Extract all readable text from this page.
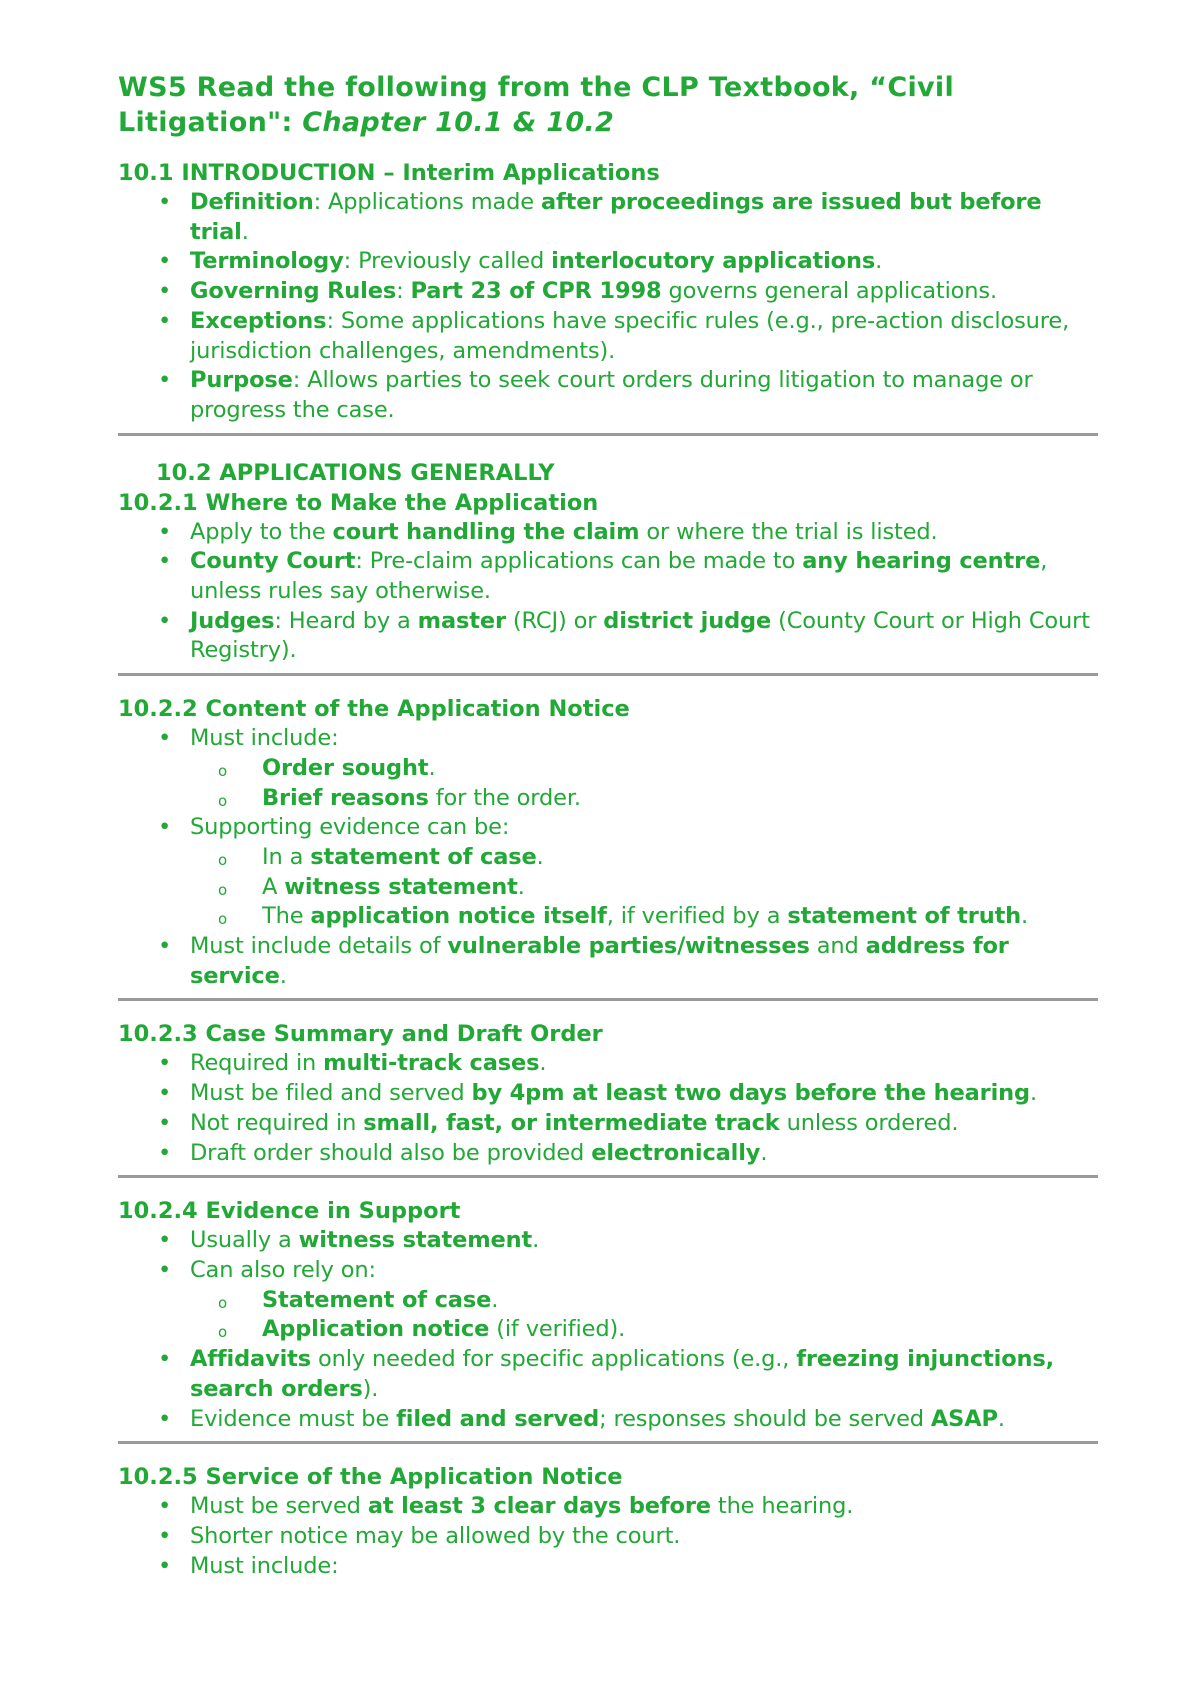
WS5 Read the following from the CLP Textbook, “Civil
Litigation": Chapter 10.1 & 10.2
10.1 INTRODUCTION – Interim Applications
• Definition: Applications made after proceedings are issued but before trial.
• Terminology: Previously called interlocutory applications.
• Governing Rules: Part 23 of CPR 1998 governs general applications.
• Exceptions: Some applications have specific rules (e.g., pre-action disclosure, jurisdiction challenges, amendments).
• Purpose: Allows parties to seek court orders during litigation to manage or progress the case.
10.2 APPLICATIONS GENERALLY
10.2.1 Where to Make the Application
• Apply to the court handling the claim or where the trial is listed.
• County Court: Pre-claim applications can be made to any hearing centre, unless rules say otherwise.
• Judges: Heard by a master (RCJ) or district judge (County Court or High Court Registry).
10.2.2 Content of the Application Notice
• Must include:
o Order sought.
o Brief reasons for the order.
• Supporting evidence can be:
o In a statement of case.
o A witness statement.
o The application notice itself, if verified by a statement of truth.
• Must include details of vulnerable parties/witnesses and address for service.
10.2.3 Case Summary and Draft Order
• Required in multi-track cases.
• Must be filed and served by 4pm at least two days before the hearing.
• Not required in small, fast, or intermediate track unless ordered.
• Draft order should also be provided electronically.
10.2.4 Evidence in Support
• Usually a witness statement.
• Can also rely on:
o Statement of case.
o Application notice (if verified).
• Affidavits only needed for specific applications (e.g., freezing injunctions, search orders).
• Evidence must be filed and served; responses should be served ASAP.
10.2.5 Service of the Application Notice
• Must be served at least 3 clear days before the hearing.
• Shorter notice may be allowed by the court.
• Must include:
